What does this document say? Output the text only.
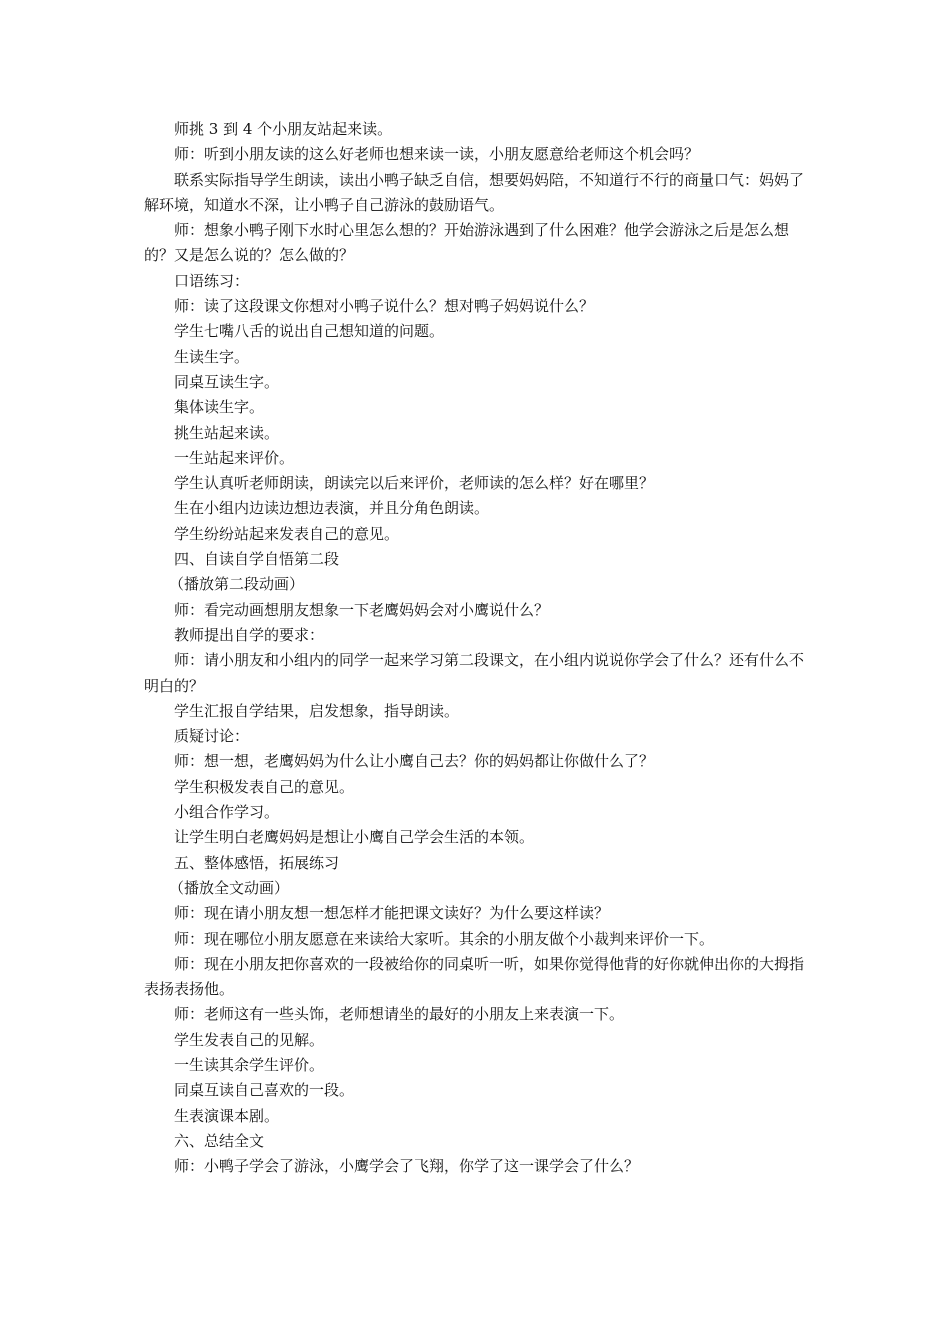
师挑 3 到 4 个小朋友站起来读。

师：听到小朋友读的这么好老师也想来读一读，小朋友愿意给老师这个机会吗？

联系实际指导学生朗读，读出小鸭子缺乏自信，想要妈妈陪，不知道行不行的商量口气：妈妈了解环境，知道水不深，让小鸭子自己游泳的鼓励语气。

师：想象小鸭子刚下水时心里怎么想的？开始游泳遇到了什么困难？他学会游泳之后是怎么想的？又是怎么说的？怎么做的？

口语练习：

师：读了这段课文你想对小鸭子说什么？想对鸭子妈妈说什么？

学生七嘴八舌的说出自己想知道的问题。

生读生字。

同桌互读生字。

集体读生字。

挑生站起来读。

一生站起来评价。

学生认真听老师朗读，朗读完以后来评价，老师读的怎么样？好在哪里？

生在小组内边读边想边表演，并且分角色朗读。

学生纷纷站起来发表自己的意见。

四、自读自学自悟第二段

（播放第二段动画）

师：看完动画想朋友想象一下老鹰妈妈会对小鹰说什么？

教师提出自学的要求：

师：请小朋友和小组内的同学一起来学习第二段课文，在小组内说说你学会了什么？还有什么不明白的？

学生汇报自学结果，启发想象，指导朗读。

质疑讨论：

师：想一想，老鹰妈妈为什么让小鹰自己去？你的妈妈都让你做什么了？

学生积极发表自己的意见。

小组合作学习。

让学生明白老鹰妈妈是想让小鹰自己学会生活的本领。

五、整体感悟，拓展练习

（播放全文动画）

师：现在请小朋友想一想怎样才能把课文读好？为什么要这样读？

师：现在哪位小朋友愿意在来读给大家听。其余的小朋友做个小裁判来评价一下。

师：现在小朋友把你喜欢的一段被给你的同桌听一听，如果你觉得他背的好你就伸出你的大拇指表扬表扬他。

师：老师这有一些头饰，老师想请坐的最好的小朋友上来表演一下。

学生发表自己的见解。

一生读其余学生评价。

同桌互读自己喜欢的一段。

生表演课本剧。

六、总结全文

师：小鸭子学会了游泳，小鹰学会了飞翔，你学了这一课学会了什么？
